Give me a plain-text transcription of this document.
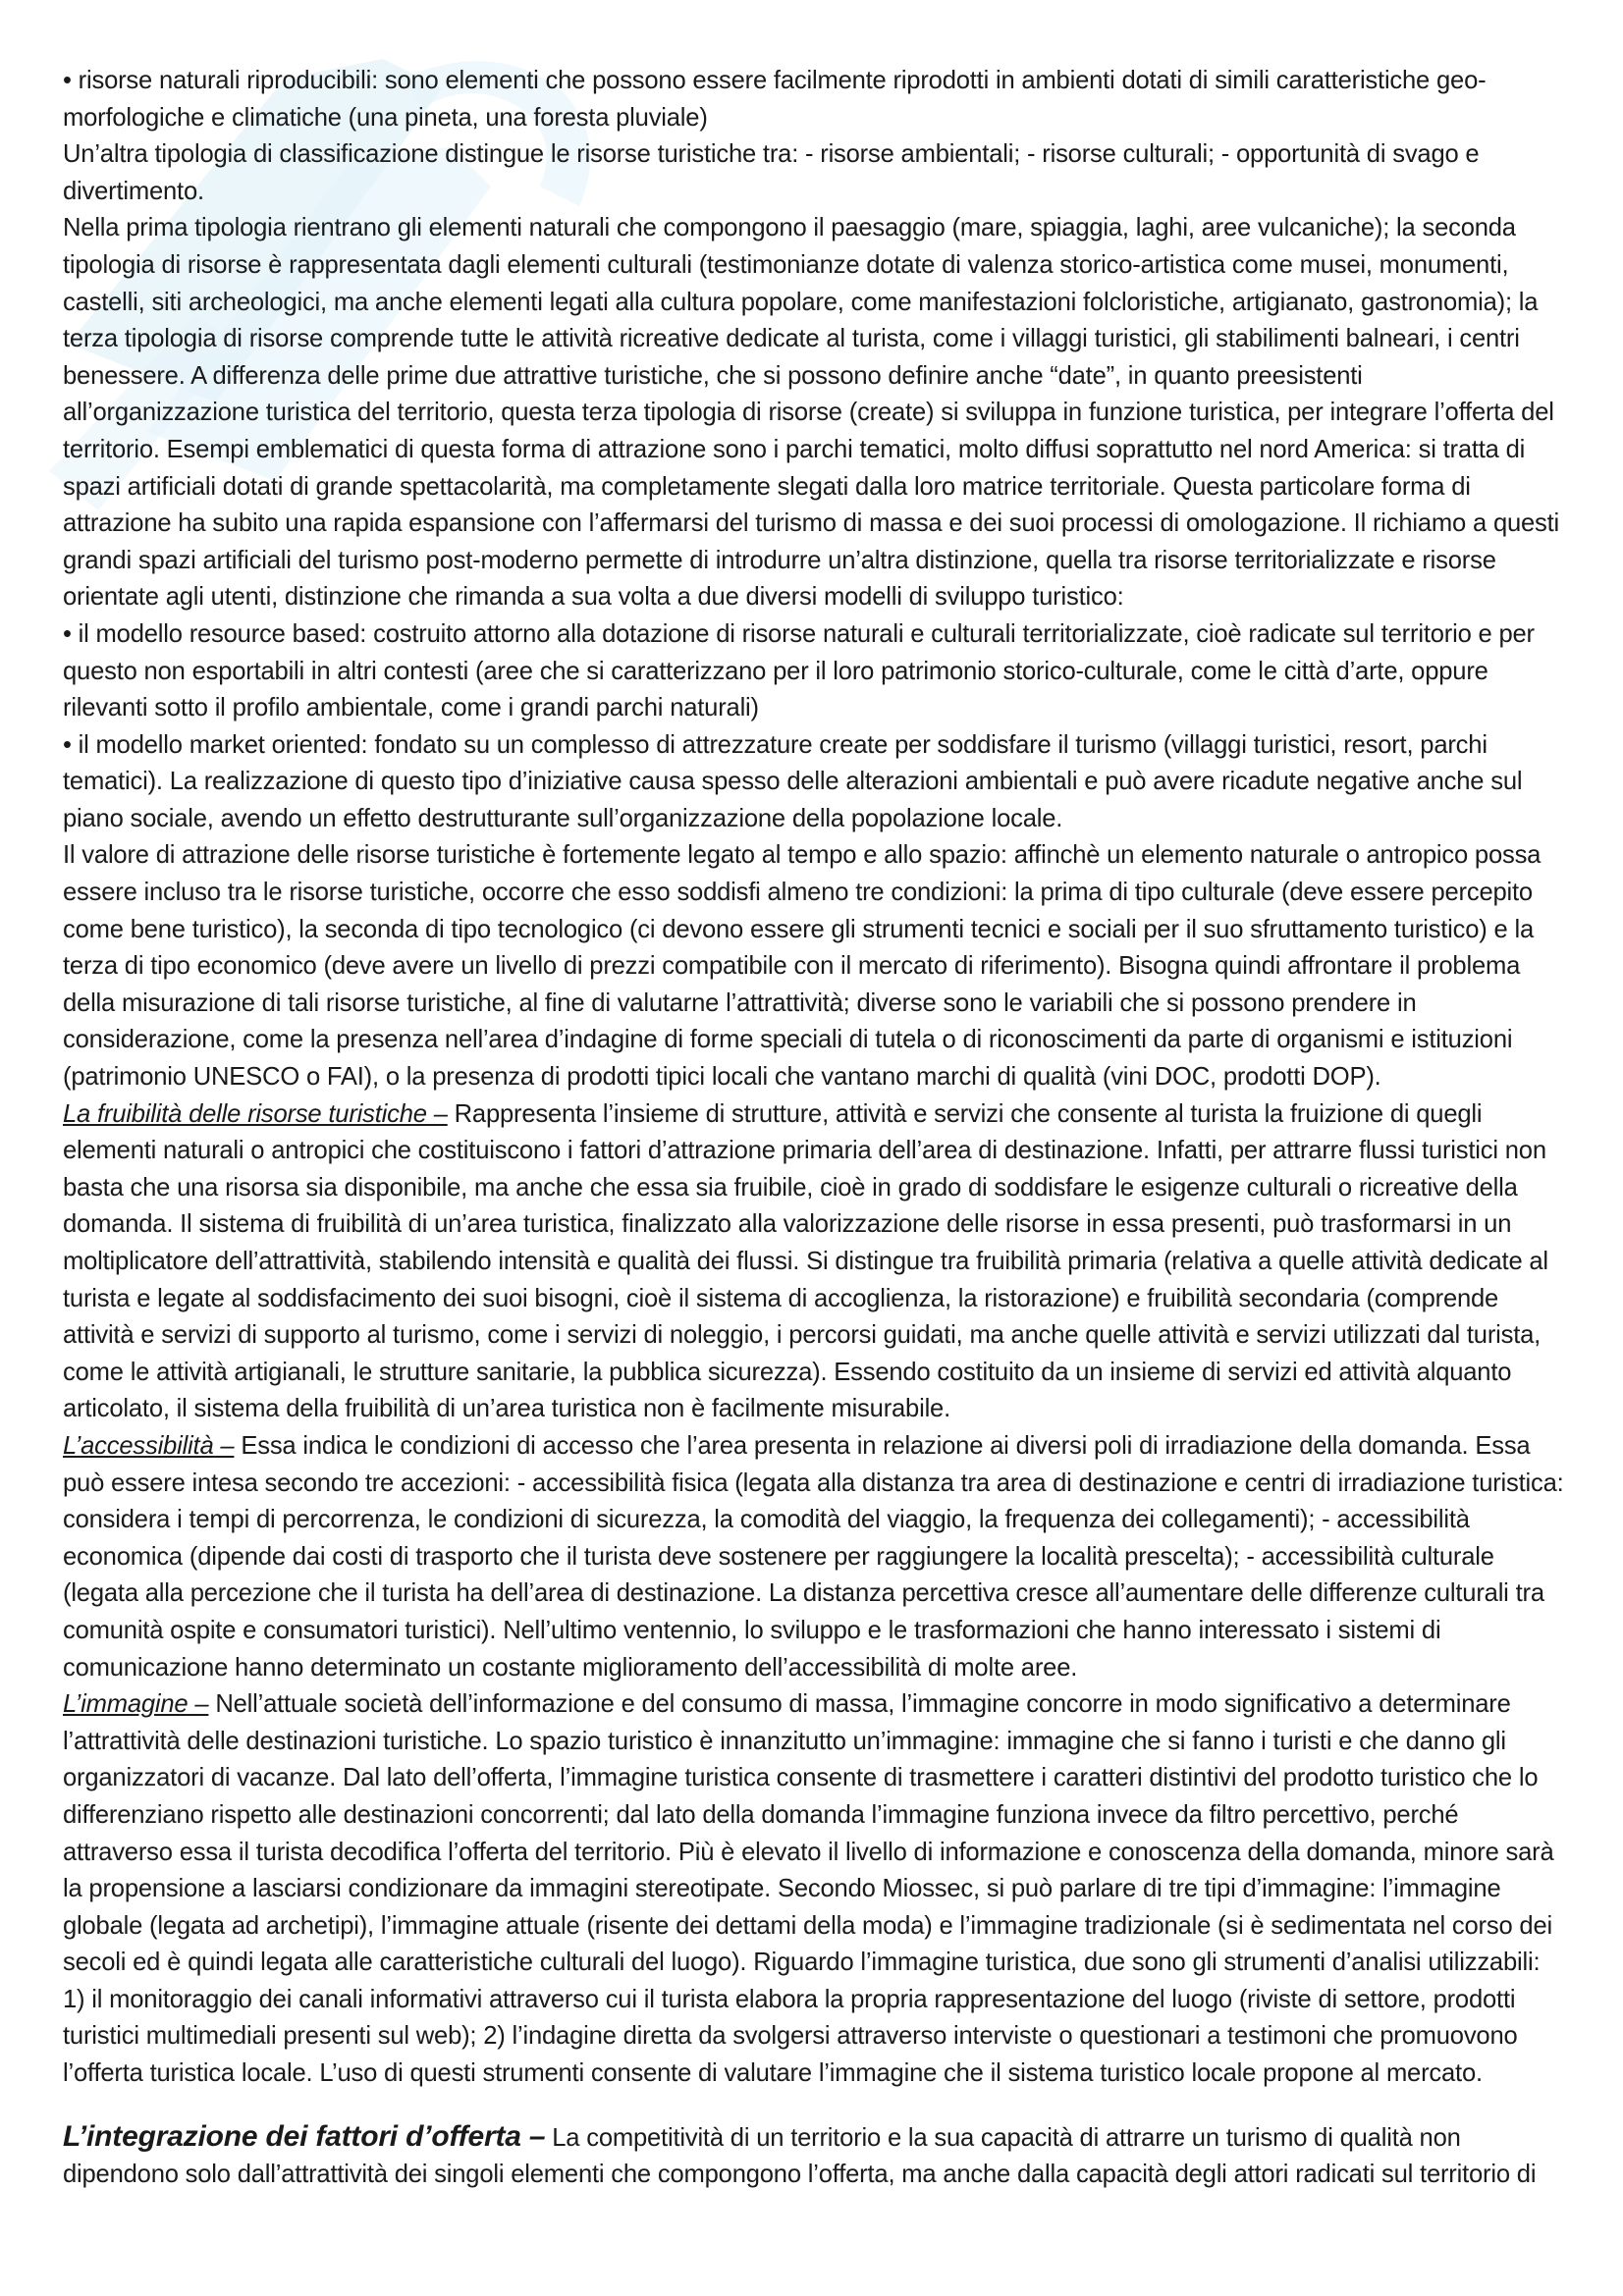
• risorse naturali riproducibili: sono elementi che possono essere facilmente riprodotti in ambienti dotati di simili caratteristiche geo-morfologiche e climatiche (una pineta, una foresta pluviale)

Un’altra tipologia di classificazione distingue le risorse turistiche tra: - risorse ambientali; - risorse culturali; - opportunità di svago e divertimento.

Nella prima tipologia rientrano gli elementi naturali che compongono il paesaggio (mare, spiaggia, laghi, aree vulcaniche); la seconda tipologia di risorse è rappresentata dagli elementi culturali (testimonianze dotate di valenza storico-artistica come musei, monumenti, castelli, siti archeologici, ma anche elementi legati alla cultura popolare, come manifestazioni folcloristiche, artigianato, gastronomia); la terza tipologia di risorse comprende tutte le attività ricreative dedicate al turista, come i villaggi turistici, gli stabilimenti balneari, i centri benessere. A differenza delle prime due attrattive turistiche, che si possono definire anche “date”, in quanto preesistenti all’organizzazione turistica del territorio, questa terza tipologia di risorse (create) si sviluppa in funzione turistica, per integrare l’offerta del territorio. Esempi emblematici di questa forma di attrazione sono i parchi tematici, molto diffusi soprattutto nel nord America: si tratta di spazi artificiali dotati di grande spettacolarità, ma completamente slegati dalla loro matrice territoriale. Questa particolare forma di attrazione ha subito una rapida espansione con l’affermarsi del turismo di massa e dei suoi processi di omologazione. Il richiamo a questi grandi spazi artificiali del turismo post-moderno permette di introdurre un’altra distinzione, quella tra risorse territorializzate e risorse orientate agli utenti, distinzione che rimanda a sua volta a due diversi modelli di sviluppo turistico:

• il modello resource based: costruito attorno alla dotazione di risorse naturali e culturali territorializzate, cioè radicate sul territorio e per questo non esportabili in altri contesti (aree che si caratterizzano per il loro patrimonio storico-culturale, come le città d’arte, oppure rilevanti sotto il profilo ambientale, come i grandi parchi naturali)

• il modello market oriented: fondato su un complesso di attrezzature create per soddisfare il turismo (villaggi turistici, resort, parchi tematici). La realizzazione di questo tipo d’iniziative causa spesso delle alterazioni ambientali e può avere ricadute negative anche sul piano sociale, avendo un effetto destrutturante sull’organizzazione della popolazione locale.

Il valore di attrazione delle risorse turistiche è fortemente legato al tempo e allo spazio: affinchè un elemento naturale o antropico possa essere incluso tra le risorse turistiche, occorre che esso soddisfi almeno tre condizioni: la prima di tipo culturale (deve essere percepito come bene turistico), la seconda di tipo tecnologico (ci devono essere gli strumenti tecnici e sociali per il suo sfruttamento turistico) e la terza di tipo economico (deve avere un livello di prezzi compatibile con il mercato di riferimento). Bisogna quindi affrontare il problema della misurazione di tali risorse turistiche, al fine di valutarne l’attrattività; diverse sono le variabili che si possono prendere in considerazione, come la presenza nell’area d’indagine di forme speciali di tutela o di riconoscimenti da parte di organismi e istituzioni (patrimonio UNESCO o FAI), o la presenza di prodotti tipici locali che vantano marchi di qualità (vini DOC, prodotti DOP).

La fruibilità delle risorse turistiche – Rappresenta l’insieme di strutture, attività e servizi che consente al turista la fruizione di quegli elementi naturali o antropici che costituiscono i fattori d’attrazione primaria dell’area di destinazione. Infatti, per attrarre flussi turistici non basta che una risorsa sia disponibile, ma anche che essa sia fruibile, cioè in grado di soddisfare le esigenze culturali o ricreative della domanda. Il sistema di fruibilità di un’area turistica, finalizzato alla valorizzazione delle risorse in essa presenti, può trasformarsi in un moltiplicatore dell’attrattività, stabilendo intensità e qualità dei flussi. Si distingue tra fruibilità primaria (relativa a quelle attività dedicate al turista e legate al soddisfacimento dei suoi bisogni, cioè il sistema di accoglienza, la ristorazione) e fruibilità secondaria (comprende attività e servizi di supporto al turismo, come i servizi di noleggio, i percorsi guidati, ma anche quelle attività e servizi utilizzati dal turista, come le attività artigianali, le strutture sanitarie, la pubblica sicurezza). Essendo costituito da un insieme di servizi ed attività alquanto articolato, il sistema della fruibilità di un’area turistica non è facilmente misurabile.

L’accessibilità – Essa indica le condizioni di accesso che l’area presenta in relazione ai diversi poli di irradiazione della domanda. Essa può essere intesa secondo tre accezioni: - accessibilità fisica (legata alla distanza tra area di destinazione e centri di irradiazione turistica: considera i tempi di percorrenza, le condizioni di sicurezza, la comodità del viaggio, la frequenza dei collegamenti); - accessibilità economica (dipende dai costi di trasporto che il turista deve sostenere per raggiungere la località prescelta); - accessibilità culturale (legata alla percezione che il turista ha dell’area di destinazione. La distanza percettiva cresce all’aumentare delle differenze culturali tra comunità ospite e consumatori turistici). Nell’ultimo ventennio, lo sviluppo e le trasformazioni che hanno interessato i sistemi di comunicazione hanno determinato un costante miglioramento dell’accessibilità di molte aree.

L’immagine – Nell’attuale società dell’informazione e del consumo di massa, l’immagine concorre in modo significativo a determinare l’attrattività delle destinazioni turistiche. Lo spazio turistico è innanzitutto un’immagine: immagine che si fanno i turisti e che danno gli organizzatori di vacanze. Dal lato dell’offerta, l’immagine turistica consente di trasmettere i caratteri distintivi del prodotto turistico che lo differenziano rispetto alle destinazioni concorrenti; dal lato della domanda l’immagine funziona invece da filtro percettivo, perché attraverso essa il turista decodifica l’offerta del territorio. Più è elevato il livello di informazione e conoscenza della domanda, minore sarà la propensione a lasciarsi condizionare da immagini stereotipate. Secondo Miossec, si può parlare di tre tipi d’immagine: l’immagine globale (legata ad archetipi), l’immagine attuale (risente dei dettami della moda) e l’immagine tradizionale (si è sedimentata nel corso dei secoli ed è quindi legata alle caratteristiche culturali del luogo). Riguardo l’immagine turistica, due sono gli strumenti d’analisi utilizzabili: 1) il monitoraggio dei canali informativi attraverso cui il turista elabora la propria rappresentazione del luogo (riviste di settore, prodotti turistici multimediali presenti sul web); 2) l’indagine diretta da svolgersi attraverso interviste o questionari a testimoni che promuovono l’offerta turistica locale. L’uso di questi strumenti consente di valutare l’immagine che il sistema turistico locale propone al mercato.

L’integrazione dei fattori d’offerta – La competitività di un territorio e la sua capacità di attrarre un turismo di qualità non dipendono solo dall’attrattività dei singoli elementi che compongono l’offerta, ma anche dalla capacità degli attori radicati sul territorio di
